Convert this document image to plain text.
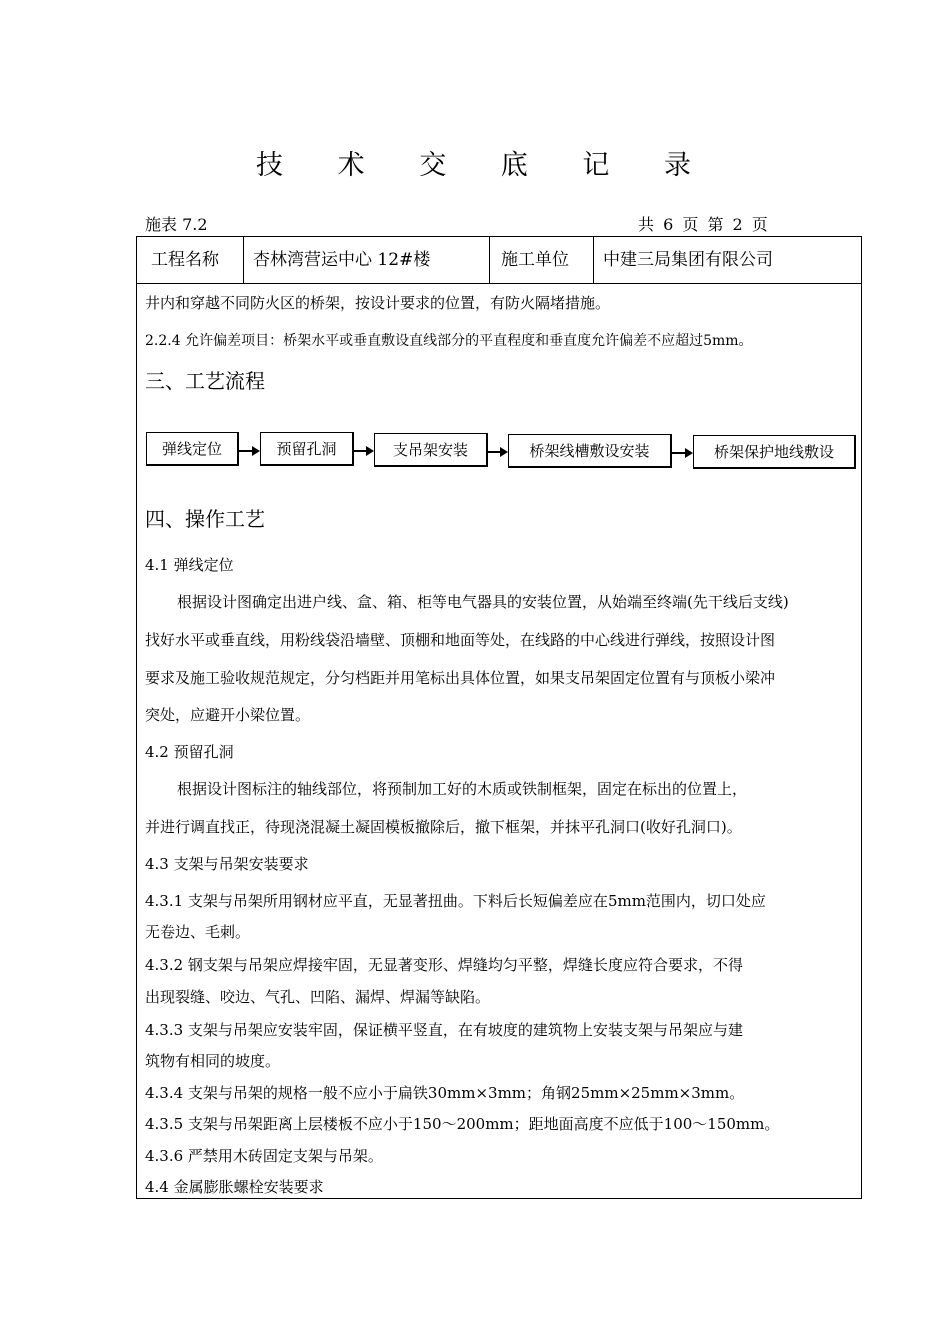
技 术 交 底 记 录
施表 7.2	共 6 页 第 2 页
工程名称 杏林湾营运中心 12#楼	施工单位 中建三局集团有限公司
井内和穿越不同防火区的桥架，按设计要求的位置，有防火隔堵措施。
2.2.4 允许偏差项目：桥架水平或垂直敷设直线部分的平直程度和垂直度允许偏差不应超过5mm。
三、工艺流程
弹线定位	预留孔洞	支吊架安装	桥架线槽敷设安装	桥架保护地线敷设
四、操作工艺
4.1 弹线定位
根据设计图确定出进户线、盒、箱、柜等电气器具的安装位置，从始端至终端(先干线后支线)
找好水平或垂直线，用粉线袋沿墙壁、顶棚和地面等处，在线路的中心线进行弹线，按照设计图
要求及施工验收规范规定，分匀档距并用笔标出具体位置，如果支吊架固定位置有与顶板小梁冲
突处，应避开小梁位置。
4.2 预留孔洞
根据设计图标注的轴线部位，将预制加工好的木质或铁制框架，固定在标出的位置上，
并进行调直找正，待现浇混凝土凝固模板撤除后，撤下框架，并抹平孔洞口(收好孔洞口)。
4.3 支架与吊架安装要求
4.3.1 支架与吊架所用钢材应平直，无显著扭曲。下料后长短偏差应在5mm范围内，切口处应
无卷边、毛刺。
4.3.2 钢支架与吊架应焊接牢固，无显著变形、焊缝均匀平整，焊缝长度应符合要求，不得
出现裂缝、咬边、气孔、凹陷、漏焊、焊漏等缺陷。
4.3.3 支架与吊架应安装牢固，保证横平竖直，在有坡度的建筑物上安装支架与吊架应与建
筑物有相同的坡度。
4.3.4 支架与吊架的规格一般不应小于扁铁30mm×3mm；角钢25mm×25mm×3mm。
4.3.5 支架与吊架距离上层楼板不应小于150～200mm；距地面高度不应低于100～150mm。
4.3.6 严禁用木砖固定支架与吊架。
4.4 金属膨胀螺栓安装要求
